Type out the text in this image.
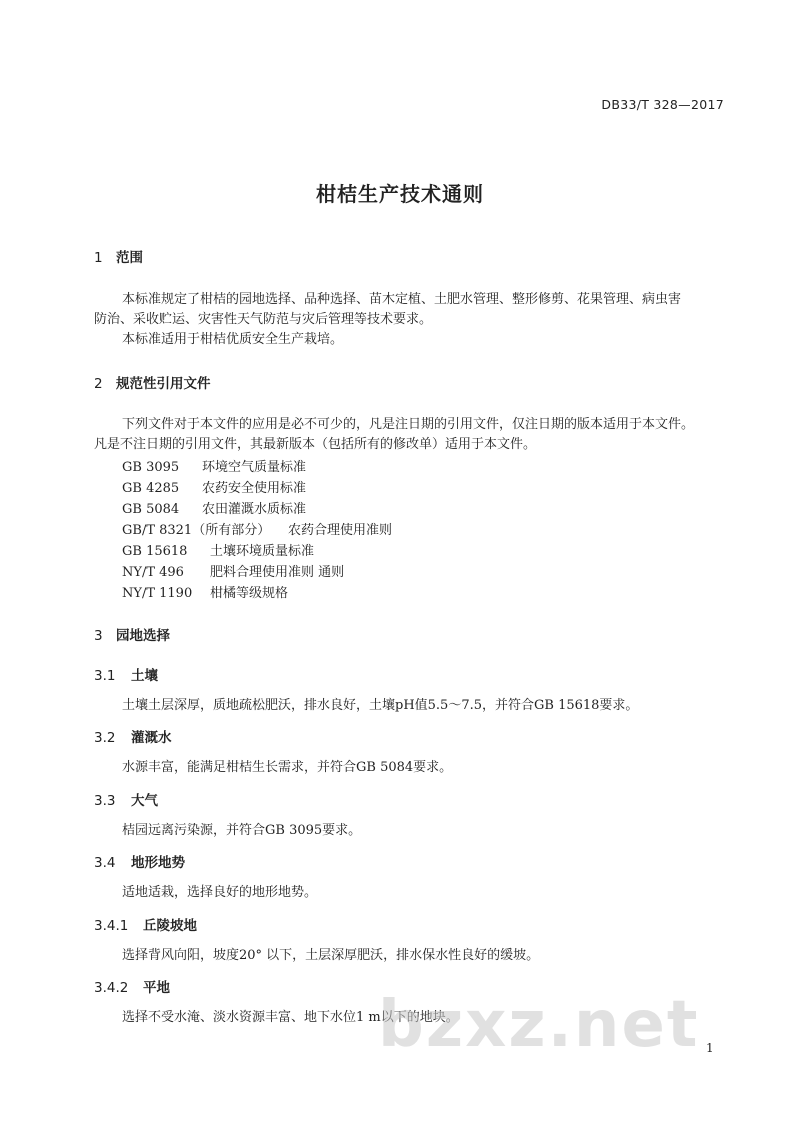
DB33/T 328—2017
柑桔生产技术通则
1 范围
本标准规定了柑桔的园地选择、品种选择、苗木定植、土肥水管理、整形修剪、花果管理、病虫害
防治、采收贮运、灾害性天气防范与灾后管理等技术要求。
本标准适用于柑桔优质安全生产栽培。
2 规范性引用文件
下列文件对于本文件的应用是必不可少的，凡是注日期的引用文件，仅注日期的版本适用于本文件。
凡是不注日期的引用文件，其最新版本（包括所有的修改单）适用于本文件。
GB 3095 环境空气质量标准
GB 4285 农药安全使用标准
GB 5084 农田灌溉水质标准
GB/T 8321（所有部分） 农药合理使用准则
GB 15618 土壤环境质量标准
NY/T 496 肥料合理使用准则 通则
NY/T 1190 柑橘等级规格
3 园地选择
3.1 土壤
土壤土层深厚，质地疏松肥沃，排水良好，土壤pH值5.5～7.5，并符合GB 15618要求。
3.2 灌溉水
水源丰富，能满足柑桔生长需求，并符合GB 5084要求。
3.3 大气
桔园远离污染源，并符合GB 3095要求。
3.4 地形地势
适地适栽，选择良好的地形地势。
3.4.1 丘陵坡地
选择背风向阳，坡度20° 以下，土层深厚肥沃，排水保水性良好的缓坡。
3.4.2 平地
选择不受水淹、淡水资源丰富、地下水位1 m以下的地块。
bzxz.net 1
